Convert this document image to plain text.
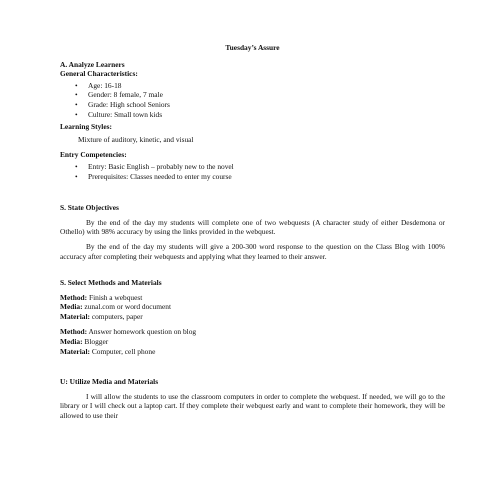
Tuesday’s Assure
A. Analyze Learners
General Characteristics:
• Age: 16-18
• Gender: 8 female, 7 male
• Grade: High school Seniors
• Culture: Small town kids
Learning Styles:
Mixture of auditory, kinetic, and visual
Entry Competencies:
• Entry: Basic English – probably new to the novel
• Prerequisites: Classes needed to enter my course
S. State Objectives

By the end of the day my students will complete one of two webquests (A character study of either Desdemona or Othello) with 98% accuracy by using the links provided in the webquest.

By the end of the day my students will give a 200-300 word response to the question on the Class Blog with 100% accuracy after completing their webquests and applying what they learned to their answer.

S. Select Methods and Materials
Method: Finish a webquest
Media: zunal.com or word document
Material: computers, paper
Method: Answer homework question on blog
Media: Blogger
Material: Computer, cell phone
U: Utilize Media and Materials

I will allow the students to use the classroom computers in order to complete the webquest. If needed, we will go to the library or I will check out a laptop cart. If they complete their webquest early and want to complete their homework, they will be allowed to use their
